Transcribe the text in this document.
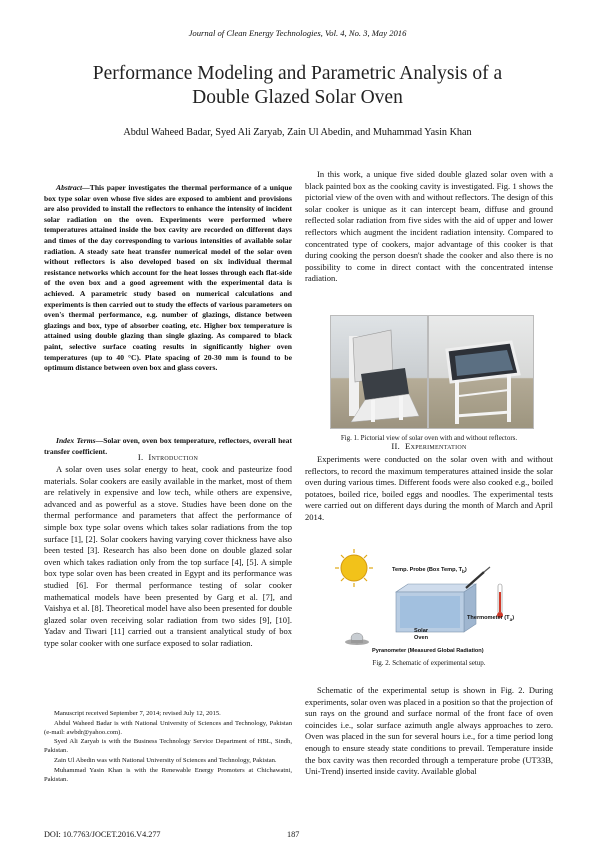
Journal of Clean Energy Technologies, Vol. 4, No. 3, May 2016
Performance Modeling and Parametric Analysis of a
Double Glazed Solar Oven
Abdul Waheed Badar, Syed Ali Zaryab, Zain Ul Abedin, and Muhammad Yasin Khan

Abstract—This paper investigates the thermal performance of a unique box type solar oven whose five sides are exposed to ambient and provisions are also provided to install the reflectors to enhance the intensity of incident solar radiation on the oven. Experiments were performed where temperatures attained inside the box cavity are recorded on different days and times of the day corresponding to various intensities of available solar radiation. A steady sate heat transfer numerical model of the solar oven without reflectors is also developed based on six individual thermal resistance networks which account for the heat losses through each flat-side of the oven box and a good agreement with the experimental data is achieved. A parametric study based on numerical calculations and experiments is then carried out to study the effects of various parameters on oven's thermal performance, e.g. number of glazings, distance between glazings and box, type of absorber coating, etc. Higher box temperature is attained using double glazing than single glazing. As compared to black paint, selective surface coating results in significantly higher oven temperatures (up to 40 °C). Plate spacing of 20-30 mm is found to be optimum distance between oven box and glass covers.

Index Terms—Solar oven, oven box temperature, reflectors, overall heat transfer coefficient.

I. Introduction

A solar oven uses solar energy to heat, cook and pasteurize food materials. Solar cookers are easily available in the market, most of them are relatively in expensive and low tech, while others are expensive, advanced and as powerful as a stove. Studies have been done on the thermal performance and parameters that affect the performance of simple box type solar ovens which takes solar radiations from the top surface [1], [2]. Solar cookers having varying cover thickness have also been tested [3]. Research has also been done on double glazed solar oven which takes radiation only from the top surface [4], [5]. A simple box type solar oven has been created in Egypt and its performance was studied [6]. For thermal performance testing of solar cooker mathematical models have been presented by Garg et al. [7], and Vaishya et al. [8]. Theoretical model have also been presented for double glazed solar oven receiving solar radiation from two sides [9], [10]. Yadav and Tiwari [11] carried out a transient analytical study of box type solar cooker with one surface exposed to solar radiation.

Manuscript received September 7, 2014; revised July 12, 2015.

Abdul Waheed Badar is with National University of Sciences and Technology, Pakistan (e-mail: awbdr@yahoo.com).

Syed Ali Zaryab is with the Business Technology Service Department of HBL, Sindh, Pakistan.

Zain Ul Abedin was with National University of Sciences and Technology, Pakistan.

Muhammad Yasin Khan is with the Renewable Energy Promoters at Chichawatni, Pakistan.

In this work, a unique five sided double glazed solar oven with a black painted box as the cooking cavity is investigated. Fig. 1 shows the pictorial view of the oven with and without reflectors. The design of this solar cooker is unique as it can intercept beam, diffuse and ground reflected solar radiation from five sides with the aid of upper and lower reflectors which augment the incident radiation intensity. Compared to concentrated type of cookers, major advantage of this cooker is that during cooking the person doesn't shade the cooker and also there is no possibility to come in direct contact with the concentrated intense radiation.

Fig. 1. Pictorial view of solar oven with and without reflectors.
II. Experimentation

Experiments were conducted on the solar oven with and without reflectors, to record the maximum temperatures attained inside the solar oven during various times. Different foods were also cooked e.g., boiled potatoes, boiled rice, boiled eggs and noodles. The experimental tests were carried out on different days during the month of March and April 2014.

Temp. Probe (Box Temp, $T_b$)
Thermometer $(T_a)$
Solar
Oven
Pyranometer (Measured Global Radiation)
Fig. 2. Schematic of experimental setup.

Schematic of the experimental setup is shown in Fig. 2. During experiments, solar oven was placed in a position so that the projection of sun rays on the ground and surface normal of the front face of oven coincides i.e., solar surface azimuth angle always approaches to zero. Oven was placed in the sun for several hours i.e., for a time period long enough to ensure steady state conditions to prevail. Temperature inside the box cavity was then recorded through a temperature probe (UT33B, Uni-Trend) inserted inside cavity. Available global

DOI: 10.7763/JOCET.2016.V4.277	187
